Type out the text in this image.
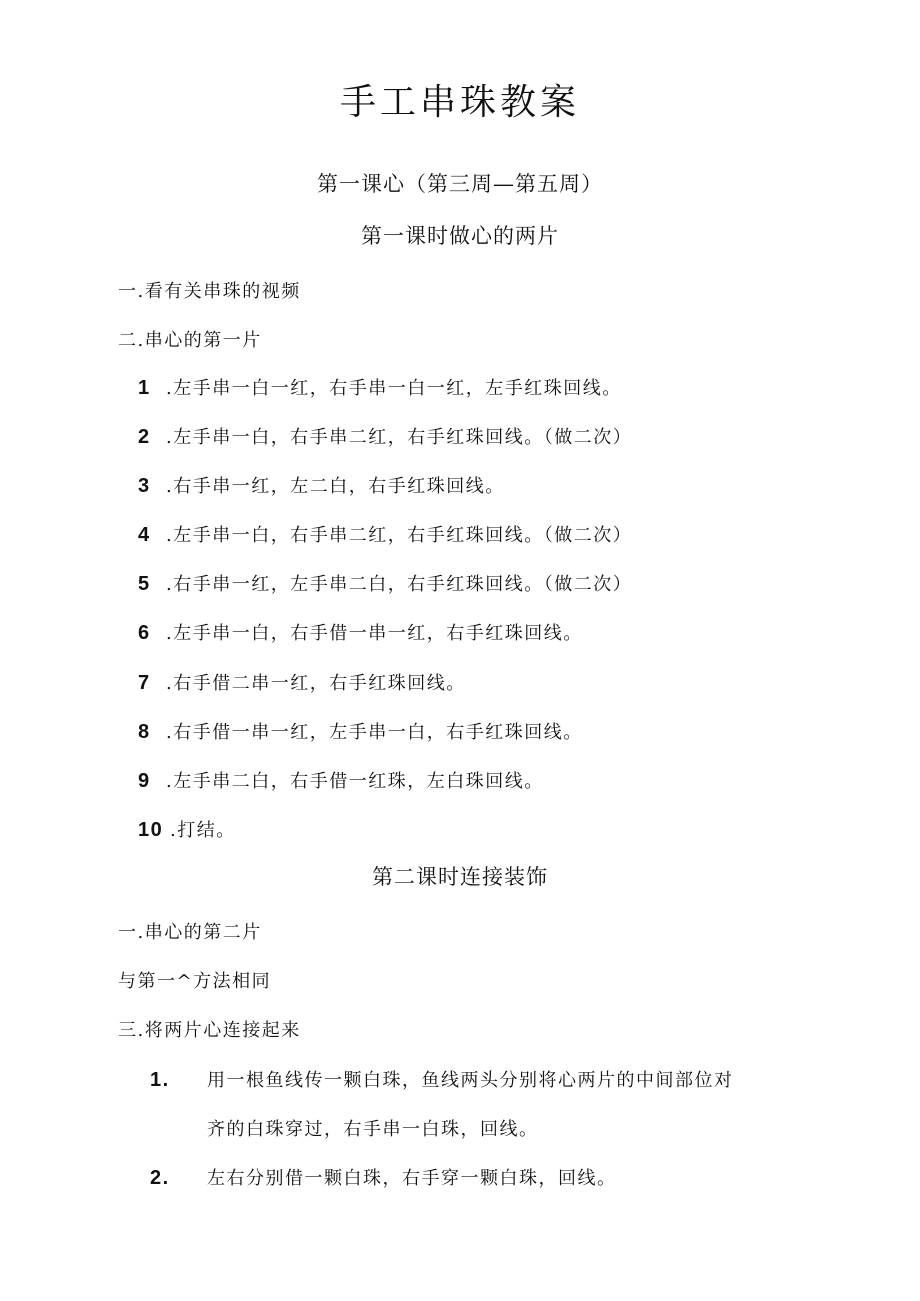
手工串珠教案
第一课心（第三周—第五周）
第一课时做心的两片
一.看有关串珠的视频
二.串心的第一片
1 .左手串一白一红，右手串一白一红，左手红珠回线。
2 .左手串一白，右手串二红，右手红珠回线。（做二次）
3 .右手串一红，左二白，右手红珠回线。
4 .左手串一白，右手串二红，右手红珠回线。（做二次）
5 .右手串一红，左手串二白，右手红珠回线。（做二次）
6 .左手串一白，右手借一串一红，右手红珠回线。
7 .右手借二串一红，右手红珠回线。
8 .右手借一串一红，左手串一白，右手红珠回线。
9 .左手串二白，右手借一红珠，左白珠回线。
10 .打结。
第二课时连接装饰
一.串心的第二片
与第一^方法相同
三.将两片心连接起来
1. 用一根鱼线传一颗白珠，鱼线两头分别将心两片的中间部位对
齐的白珠穿过，右手串一白珠，回线。
2. 左右分别借一颗白珠，右手穿一颗白珠，回线。
